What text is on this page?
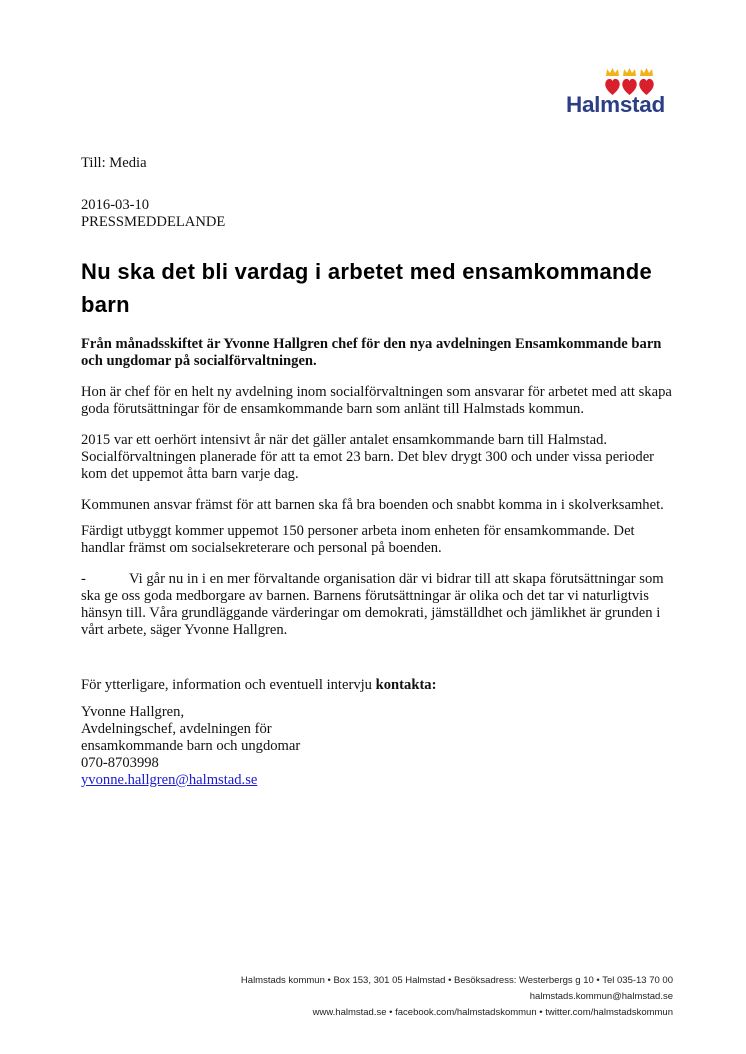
Halmstad
Till: Media
2016-03-10
PRESSMEDDELANDE
Nu ska det bli vardag i arbetet med ensamkommande barn
Från månadsskiftet är Yvonne Hallgren chef för den nya avdelningen Ensamkommande barn och ungdomar på socialförvaltningen.
Hon är chef för en helt ny avdelning inom socialförvaltningen som ansvarar för arbetet med att skapa goda förutsättningar för de ensamkommande barn som anlänt till Halmstads kommun.
2015 var ett oerhört intensivt år när det gäller antalet ensamkommande barn till Halmstad. Socialförvaltningen planerade för att ta emot 23 barn. Det blev drygt 300 och under vissa perioder kom det uppemot åtta barn varje dag.
Kommunen ansvar främst för att barnen ska få bra boenden och snabbt komma in i skolverksamhet.
Färdigt utbyggt kommer uppemot 150 personer arbeta inom enheten för ensamkommande. Det handlar främst om socialsekreterare och personal på boenden.
-	Vi går nu in i en mer förvaltande organisation där vi bidrar till att skapa förutsättningar som ska ge oss goda medborgare av barnen. Barnens förutsättningar är olika och det tar vi naturligtvis hänsyn till. Våra grundläggande värderingar om demokrati, jämställdhet och jämlikhet är grunden i vårt arbete, säger Yvonne Hallgren.
För ytterligare, information och eventuell intervju kontakta:
Yvonne Hallgren,
Avdelningschef, avdelningen för ensamkommande barn och ungdomar
070-8703998
yvonne.hallgren@halmstad.se
Halmstads kommun • Box 153, 301 05 Halmstad • Besöksadress: Westerbergs g 10 • Tel 035-13 70 00
halmstads.kommun@halmstad.se
www.halmstad.se • facebook.com/halmstadskommun • twitter.com/halmstadskommun
